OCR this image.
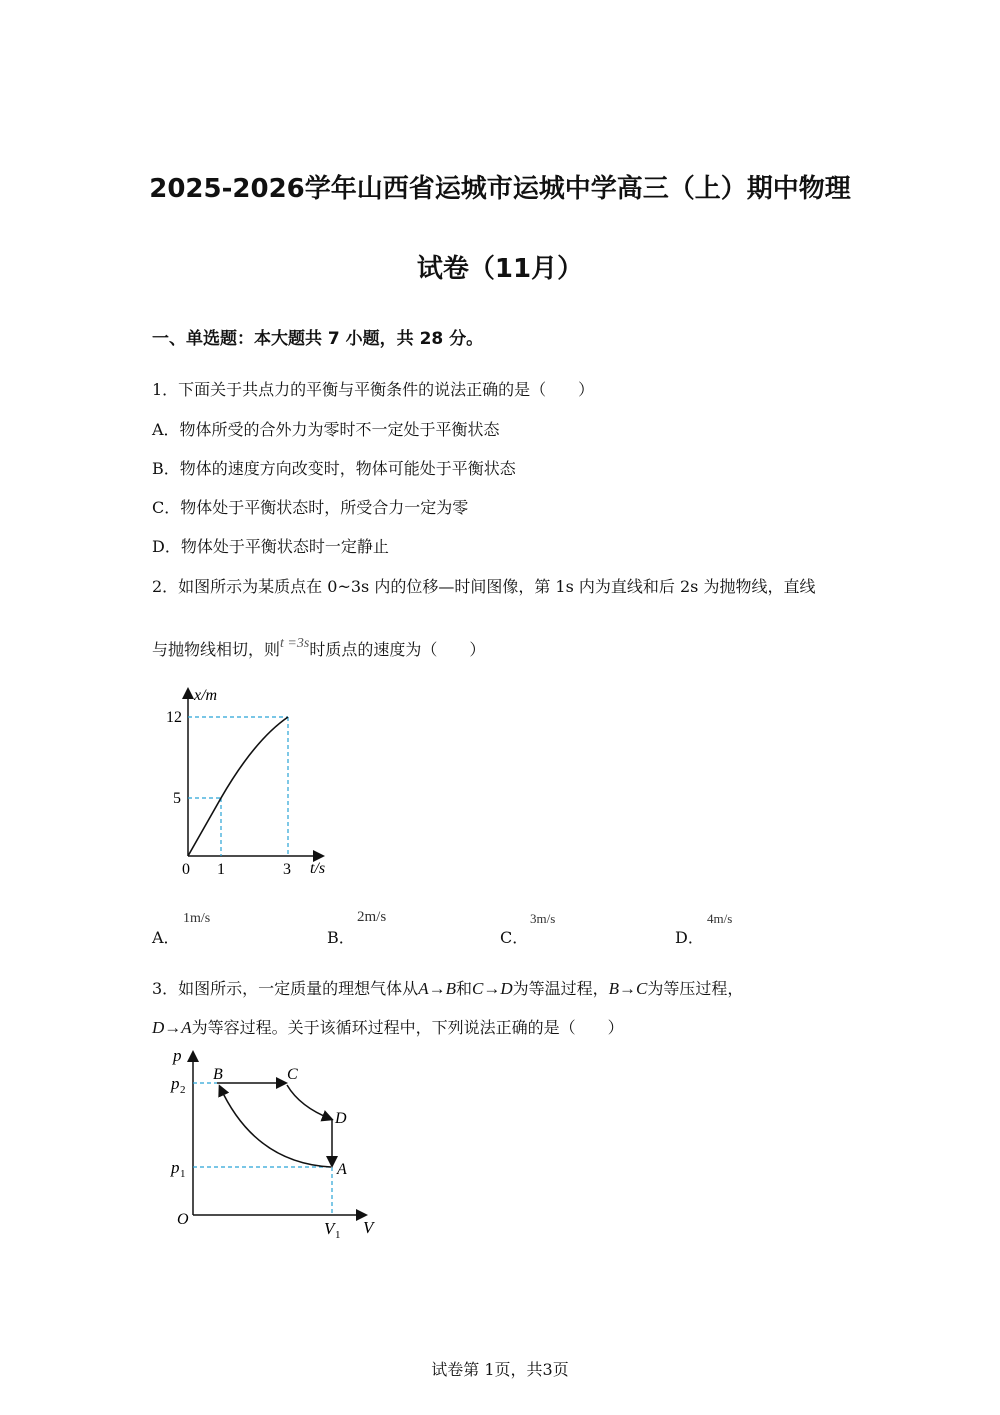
2025-2026学年山西省运城市运城中学高三（上）期中物理
试卷（11月）
一、单选题：本大题共 7 小题，共 28 分。
1．下面关于共点力的平衡与平衡条件的说法正确的是（　　）
A．物体所受的合外力为零时不一定处于平衡状态
B．物体的速度方向改变时，物体可能处于平衡状态
C．物体处于平衡状态时，所受合力一定为零
D．物体处于平衡状态时一定静止
2．如图所示为某质点在 0~3s 内的位移—时间图像，第 1s 内为直线和后 2s 为抛物线，直线
与抛物线相切，则t =3s时质点的速度为（　　）
x/m
t/s
0
12
5
1	3
A．
1m/s
B．
2m/s
C．
3m/s
D．
4m/s
3．如图所示，一定质量的理想气体从A→B和C→D为等温过程，B→C为等压过程，
D→A为等容过程。关于该循环过程中，下列说法正确的是（　　）
p
V
O
p 2
p 1
V 1
B	C
D
A
试卷第 1页，共3页
